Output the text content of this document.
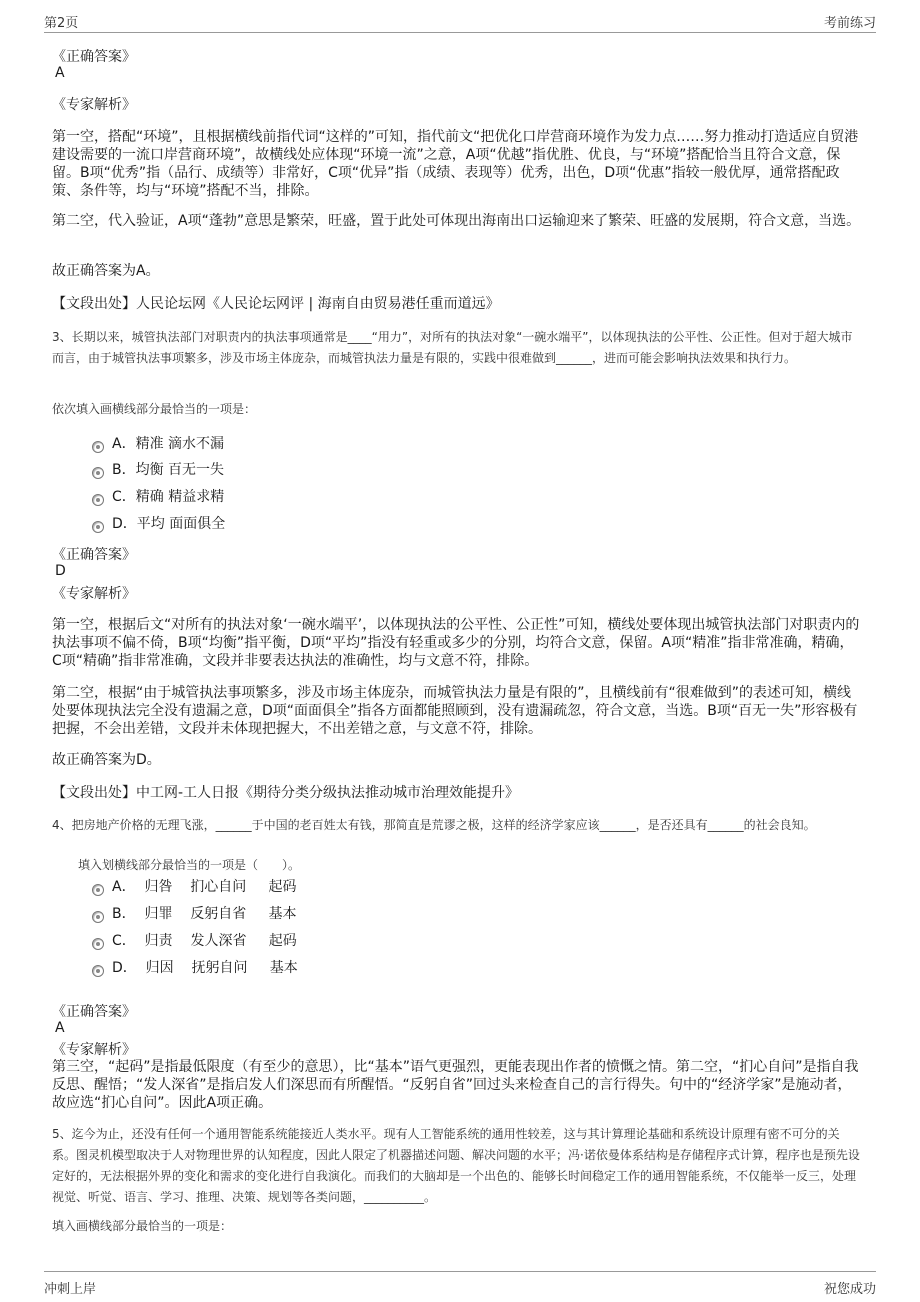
第2页	考前练习
《正确答案》
A
《专家解析》
第一空，搭配“环境”，且根据横线前指代词“这样的”可知，指代前文“把优化口岸营商环境作为发力点……努力推动打造适应自贸港建设需要的一流口岸营商环境”，故横线处应体现“环境一流”之意，A项“优越”指优胜、优良，与“环境”搭配恰当且符合文意，保留。B项“优秀”指（品行、成绩等）非常好，C项“优异”指（成绩、表现等）优秀，出色，D项“优惠”指较一般优厚，通常搭配政策、条件等，均与“环境”搭配不当，排除。
第二空，代入验证，A项“蓬勃”意思是繁荣，旺盛，置于此处可体现出海南出口运输迎来了繁荣、旺盛的发展期，符合文意，当选。
故正确答案为A。
【文段出处】人民论坛网《人民论坛网评 | 海南自由贸易港任重而道远》
3、长期以来，城管执法部门对职责内的执法事项通常是____“用力”，对所有的执法对象“一碗水端平”，以体现执法的公平性、公正性。但对于超大城市而言，由于城管执法事项繁多，涉及市场主体庞杂，而城管执法力量是有限的，实践中很难做到______，进而可能会影响执法效果和执行力。
依次填入画横线部分最恰当的一项是：
A．精准 滴水不漏
B．均衡 百无一失
C．精确 精益求精
D．平均 面面俱全
《正确答案》
D
《专家解析》
第一空，根据后文“对所有的执法对象‘一碗水端平’，以体现执法的公平性、公正性”可知，横线处要体现出城管执法部门对职责内的执法事项不偏不倚，B项“均衡”指平衡，D项“平均”指没有轻重或多少的分别，均符合文意，保留。A项“精准”指非常准确，精确，C项“精确”指非常准确，文段并非要表达执法的准确性，均与文意不符，排除。
第二空，根据“由于城管执法事项繁多，涉及市场主体庞杂，而城管执法力量是有限的”，且横线前有“很难做到”的表述可知，横线处要体现执法完全没有遗漏之意，D项“面面俱全”指各方面都能照顾到，没有遗漏疏忽，符合文意，当选。B项“百无一失”形容极有把握，不会出差错，文段并未体现把握大，不出差错之意，与文意不符，排除。
故正确答案为D。
【文段出处】中工网-工人日报《期待分类分级执法推动城市治理效能提升》
4、把房地产价格的无理飞涨，______于中国的老百姓太有钱，那简直是荒谬之极，这样的经济学家应该______，是否还具有______的社会良知。
填入划横线部分最恰当的一项是（　　）。
A．  归咎    扪心自问     起码
B．  归罪    反躬自省     基本
C．  归责    发人深省     起码
D．  归因    抚躬自问     基本
《正确答案》
A
《专家解析》
第三空，“起码”是指最低限度（有至少的意思），比“基本”语气更强烈，更能表现出作者的愤慨之情。第二空，“扪心自问”是指自我反思、醒悟；“发人深省”是指启发人们深思而有所醒悟。“反躬自省”回过头来检查自己的言行得失。句中的“经济学家”是施动者，故应选“扪心自问”。因此A项正确。
5、迄今为止，还没有任何一个通用智能系统能接近人类水平。现有人工智能系统的通用性较差，这与其计算理论基础和系统设计原理有密不可分的关系。图灵机模型取决于人对物理世界的认知程度，因此人限定了机器描述问题、解决问题的水平；冯·诺依曼体系结构是存储程序式计算，程序也是预先设定好的，无法根据外界的变化和需求的变化进行自我演化。而我们的大脑却是一个出色的、能够长时间稳定工作的通用智能系统，不仅能举一反三，处理视觉、听觉、语言、学习、推理、决策、规划等各类问题，__________。
填入画横线部分最恰当的一项是：
冲刺上岸	祝您成功
